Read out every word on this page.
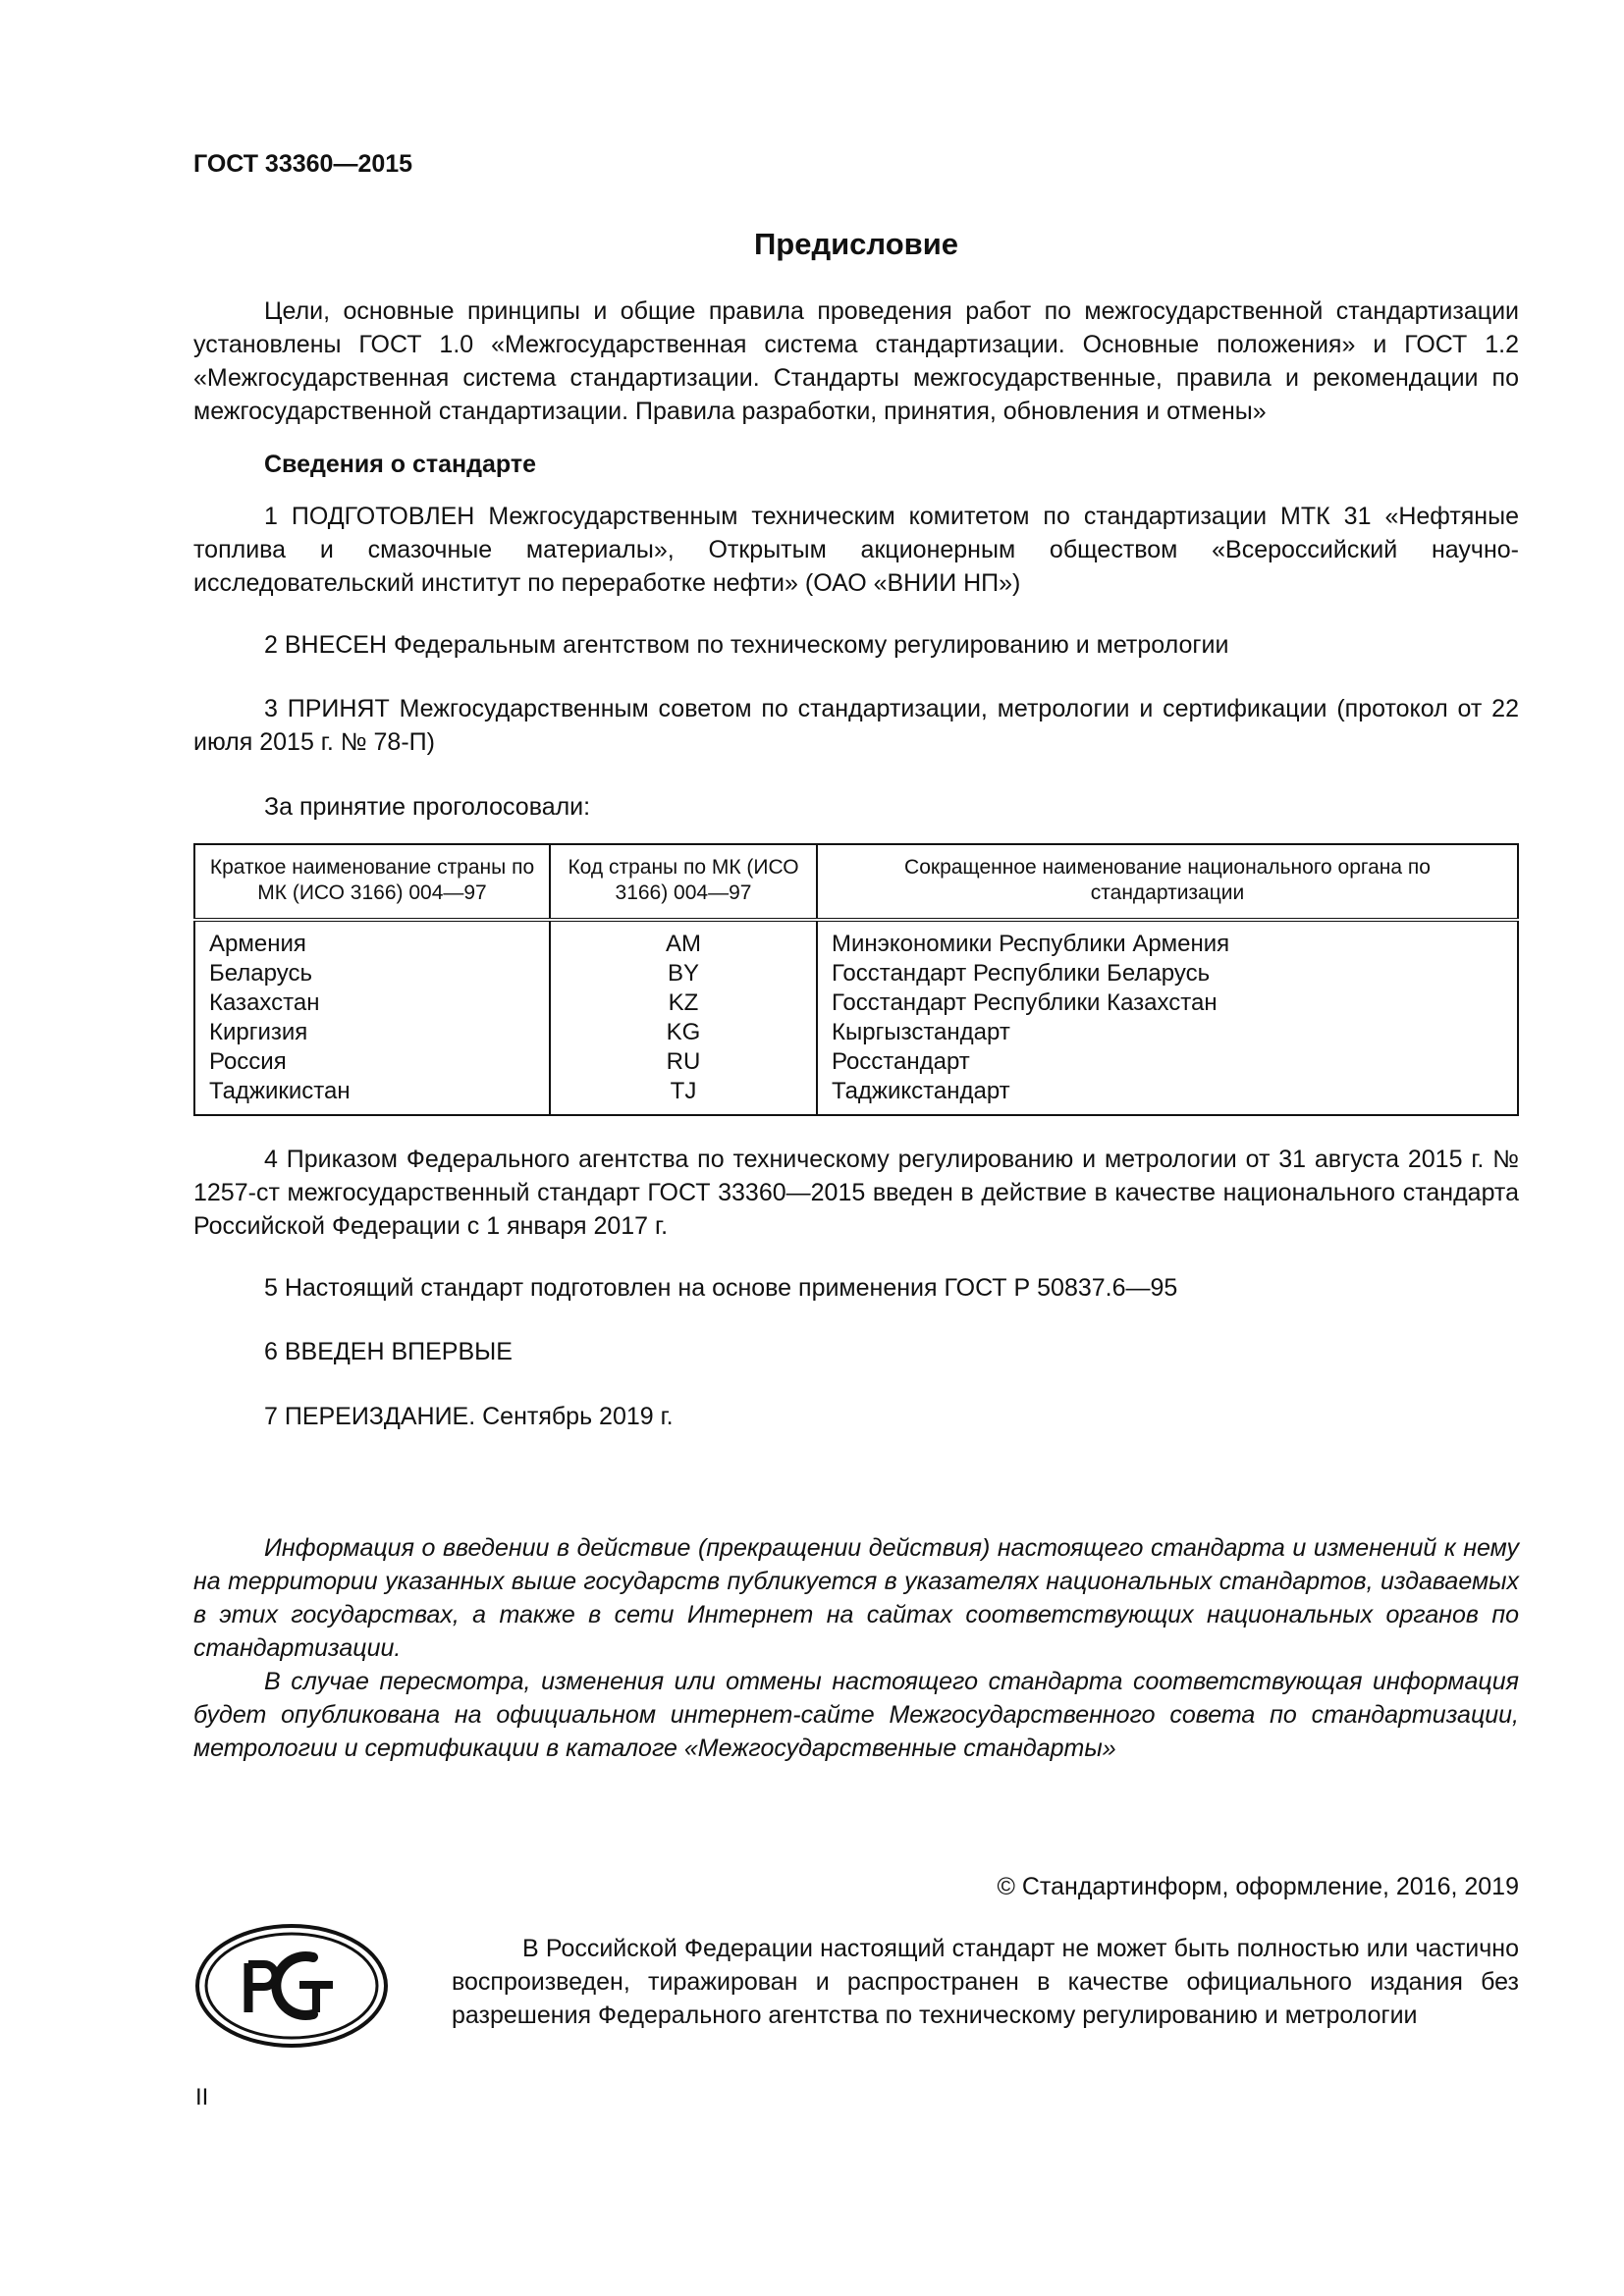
ГОСТ 33360—2015
Предисловие

Цели, основные принципы и общие правила проведения работ по межгосударственной стандартизации установлены ГОСТ 1.0 «Межгосударственная система стандартизации. Основные положения» и ГОСТ 1.2 «Межгосударственная система стандартизации. Стандарты межгосударственные, правила и рекомендации по межгосударственной стандартизации. Правила разработки, принятия, обновления и отмены»

Сведения о стандарте

1 ПОДГОТОВЛЕН Межгосударственным техническим комитетом по стандартизации МТК 31 «Нефтяные топлива и смазочные материалы», Открытым акционерным обществом «Всероссийский научно-исследовательский институт по переработке нефти» (ОАО «ВНИИ НП»)

2 ВНЕСЕН Федеральным агентством по техническому регулированию и метрологии

3 ПРИНЯТ Межгосударственным советом по стандартизации, метрологии и сертификации (протокол от 22 июля 2015 г. № 78-П)

За принятие проголосовали:
Краткое наименование страны по МК (ИСО 3166) 004—97	Код страны по МК (ИСО 3166) 004—97	Сокращенное наименование национального органа по стандартизации
Армения	AM	Минэкономики Республики Армения
Беларусь	BY	Госстандарт Республики Беларусь
Казахстан	KZ	Госстандарт Республики Казахстан
Киргизия	KG	Кыргызстандарт
Россия	RU	Росстандарт
Таджикистан	TJ	Таджикстандарт

4 Приказом Федерального агентства по техническому регулированию и метрологии от 31 августа 2015 г. № 1257-ст межгосударственный стандарт ГОСТ 33360—2015 введен в действие в качестве национального стандарта Российской Федерации с 1 января 2017 г.

5 Настоящий стандарт подготовлен на основе применения ГОСТ Р 50837.6—95

6 ВВЕДЕН ВПЕРВЫЕ

7 ПЕРЕИЗДАНИЕ. Сентябрь 2019 г.

Информация о введении в действие (прекращении действия) настоящего стандарта и изменений к нему на территории указанных выше государств публикуется в указателях национальных стандартов, издаваемых в этих государствах, а также в сети Интернет на сайтах соответствующих национальных органов по стандартизации.

В случае пересмотра, изменения или отмены настоящего стандарта соответствующая информация будет опубликована на официальном интернет-сайте Межгосударственного совета по стандартизации, метрологии и сертификации в каталоге «Межгосударственные стандарты»

© Стандартинформ, оформление, 2016, 2019

В Российской Федерации настоящий стандарт не может быть полностью или частично воспроизведен, тиражирован и распространен в качестве официального издания без разрешения Федерального агентства по техническому регулированию и метрологии

II
